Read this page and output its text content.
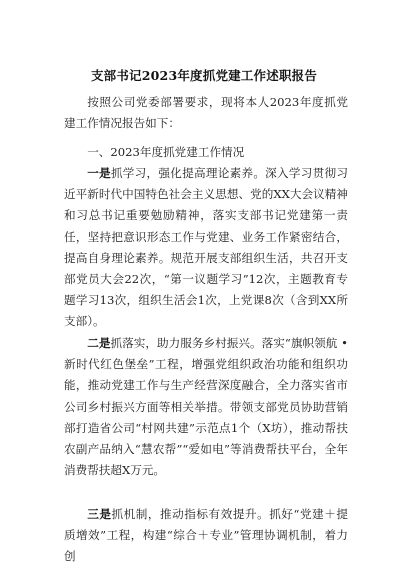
支部书记2023年度抓党建工作述职报告

按照公司党委部署要求，现将本人2023年度抓党建工作情况报告如下：

一、2023年度抓党建工作情况

一是抓学习，强化提高理论素养。深入学习贯彻习近平新时代中国特色社会主义思想、党的XX大会议精神和习总书记重要勉励精神，落实支部书记党建第一责任，坚持把意识形态工作与党建、业务工作紧密结合，提高自身理论素养。规范开展支部组织生活，共召开支部党员大会22次，“第一议题学习”12次，主题教育专题学习13次，组织生活会1次，上党课8次（含到XX所支部）。

二是抓落实，助力服务乡村振兴。落实“旗帜领航 • 新时代红色堡垒”工程，增强党组织政治功能和组织功能，推动党建工作与生产经营深度融合，全力落实省市公司乡村振兴方面等相关举措。带领支部党员协助营销部打造省公司“村网共建”示范点1个（X坊），推动帮扶农副产品纳入“慧农帮”“爱如电”等消费帮扶平台，全年消费帮扶超X万元。

三是抓机制，推动指标有效提升。抓好“党建＋提质增效”工程，构建“综合＋专业”管理协调机制，着力创
